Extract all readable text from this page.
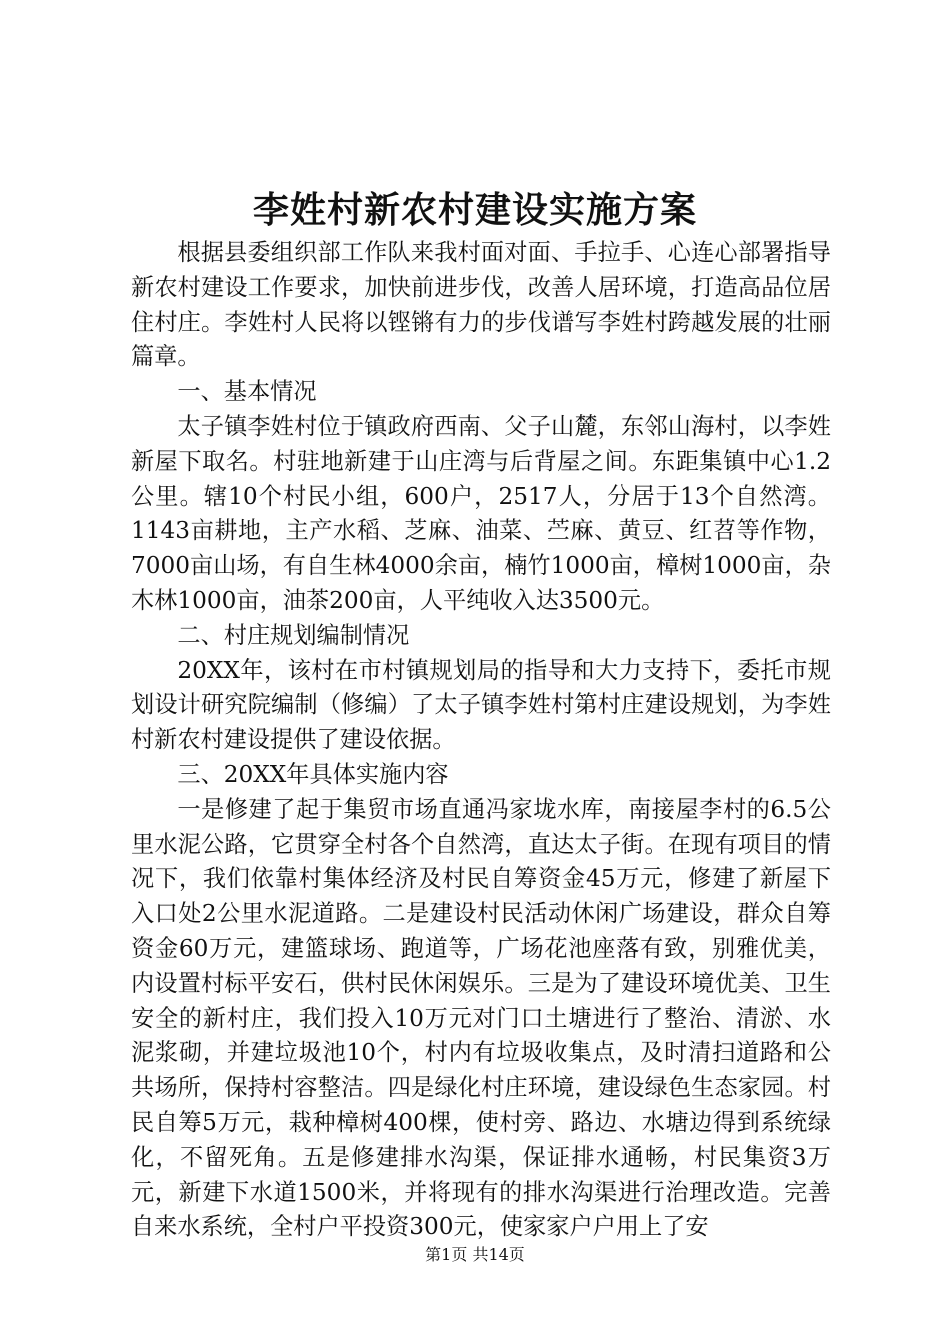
李姓村新农村建设实施方案

根据县委组织部工作队来我村面对面、手拉手、心连心部署指导新农村建设工作要求，加快前进步伐，改善人居环境，打造高品位居住村庄。李姓村人民将以铿锵有力的步伐谱写李姓村跨越发展的壮丽篇章。

一、基本情况

太子镇李姓村位于镇政府西南、父子山麓，东邻山海村，以李姓新屋下取名。村驻地新建于山庄湾与后背屋之间。东距集镇中心1.2公里。辖10个村民小组，600户，2517人，分居于13个自然湾。1143亩耕地，主产水稻、芝麻、油菜、苎麻、黄豆、红苕等作物，7000亩山场，有自生林4000余亩，楠竹1000亩，樟树1000亩，杂木林1000亩，油茶200亩，人平纯收入达3500元。

二、村庄规划编制情况

20XX年，该村在市村镇规划局的指导和大力支持下，委托市规划设计研究院编制（修编）了太子镇李姓村第村庄建设规划，为李姓村新农村建设提供了建设依据。

三、20XX年具体实施内容

一是修建了起于集贸市场直通冯家垅水库，南接屋李村的6.5公里水泥公路，它贯穿全村各个自然湾，直达太子街。在现有项目的情况下，我们依靠村集体经济及村民自筹资金45万元，修建了新屋下入口处2公里水泥道路。二是建设村民活动休闲广场建设，群众自筹资金60万元，建篮球场、跑道等，广场花池座落有致，别雅优美，内设置村标平安石，供村民休闲娱乐。三是为了建设环境优美、卫生安全的新村庄，我们投入10万元对门口土塘进行了整治、清淤、水泥浆砌，并建垃圾池10个，村内有垃圾收集点，及时清扫道路和公共场所，保持村容整洁。四是绿化村庄环境，建设绿色生态家园。村民自筹5万元，栽种樟树400棵，使村旁、路边、水塘边得到系统绿化，不留死角。五是修建排水沟渠，保证排水通畅，村民集资3万元，新建下水道1500米，并将现有的排水沟渠进行治理改造。完善自来水系统，全村户平投资300元，使家家户户用上了安

第1页 共14页
